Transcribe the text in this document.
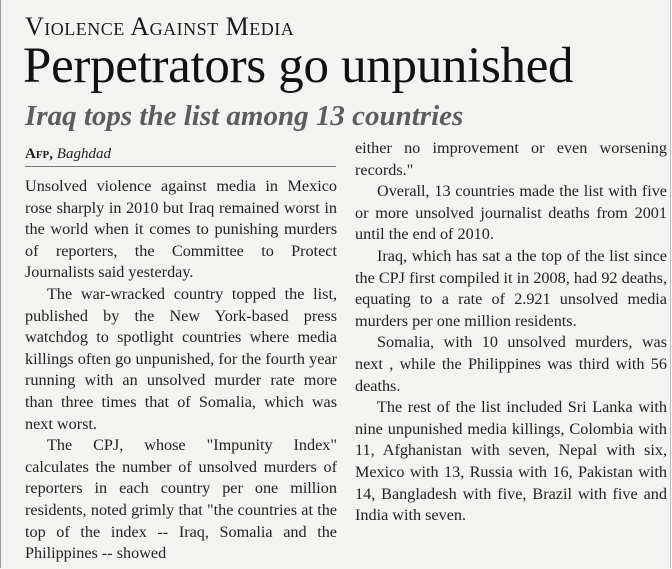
Violence Against Media
Perpetrators go unpunished
Iraq tops the list among 13 countries
Afp, Baghdad

Unsolved violence against media in Mexico rose sharply in 2010 but Iraq remained worst in the world when it comes to punishing murders of reporters, the Committee to Protect Journalists said yesterday.

The war-wracked country topped the list, published by the New York-based press watchdog to spotlight countries where media killings often go unpunished, for the fourth year running with an unsolved murder rate more than three times that of Somalia, which was next worst.

The CPJ, whose "Impunity Index" calculates the number of unsolved murders of reporters in each country per one million residents, noted grimly that "the countries at the top of the index -- Iraq, Somalia and the Philippines -- showed

either no improvement or even worsening records."

Overall, 13 countries made the list with five or more unsolved journalist deaths from 2001 until the end of 2010.

Iraq, which has sat a the top of the list since the CPJ first compiled it in 2008, had 92 deaths, equating to a rate of 2.921 unsolved media murders per one million residents.

Somalia, with 10 unsolved murders, was next , while the Philippines was third with 56 deaths.

The rest of the list included Sri Lanka with nine unpunished media killings, Colombia with 11, Afghanistan with seven, Nepal with six, Mexico with 13, Russia with 16, Pakistan with 14, Bangladesh with five, Brazil with five and India with seven.
